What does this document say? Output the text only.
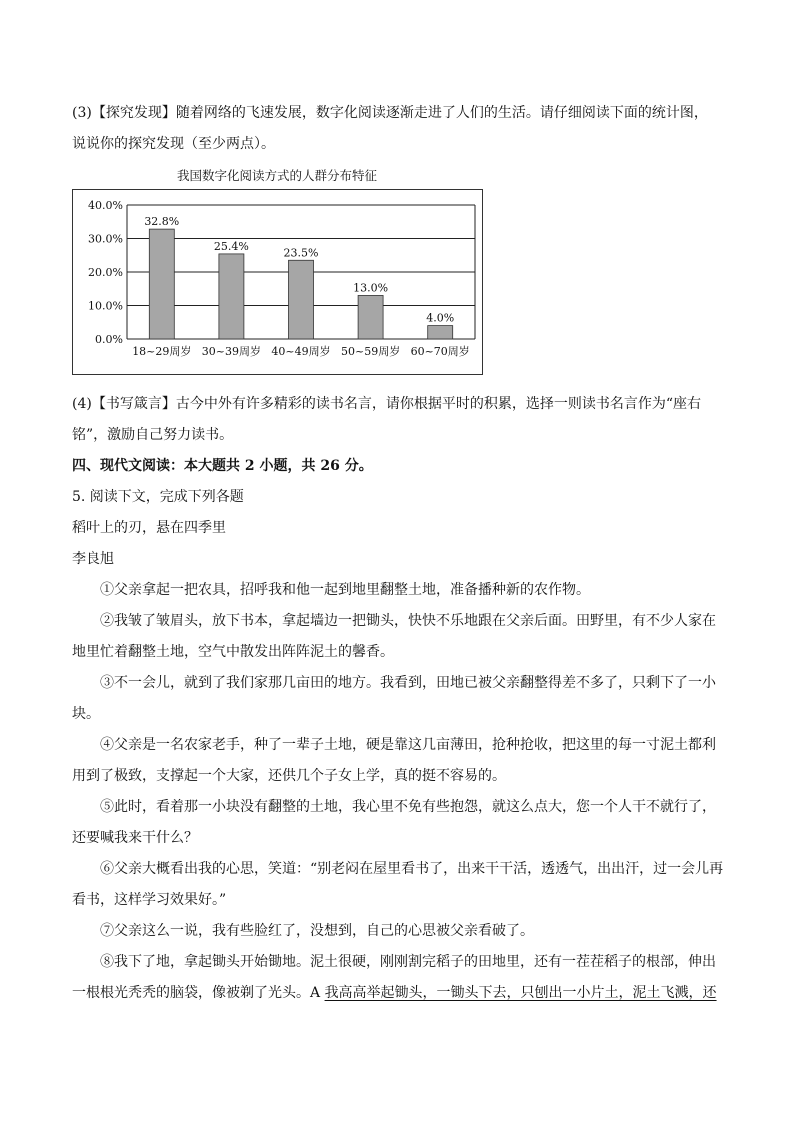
(3)【探究发现】随着网络的飞速发展，数字化阅读逐渐走进了人们的生活。请仔细阅读下面的统计图，

说说你的探究发现（至少两点）。

我国数字化阅读方式的人群分布特征
0.0%
10.0%
20.0%
30.0%
40.0%
32.8%
25.4%	23.5%
13.0%
4.0%
18~29周岁 30~39周岁 40~49周岁 50~59周岁 60~70周岁

(4)【书写箴言】古今中外有许多精彩的读书名言，请你根据平时的积累，选择一则读书名言作为“座右

铭”，激励自己努力读书。

四、现代文阅读：本大题共 2 小题，共 26 分。

5. 阅读下文，完成下列各题

稻叶上的刃，悬在四季里

李良旭

①父亲拿起一把农具，招呼我和他一起到地里翻整土地，准备播种新的农作物。

②我皱了皱眉头，放下书本，拿起墙边一把锄头，快快不乐地跟在父亲后面。田野里，有不少人家在地里忙着翻整土地，空气中散发出阵阵泥土的馨香。

③不一会儿，就到了我们家那几亩田的地方。我看到，田地已被父亲翻整得差不多了，只剩下了一小块。

④父亲是一名农家老手，种了一辈子土地，硬是靠这几亩薄田，抢种抢收，把这里的每一寸泥土都利用到了极致，支撑起一个大家，还供几个子女上学，真的挺不容易的。

⑤此时，看着那一小块没有翻整的土地，我心里不免有些抱怨，就这么点大，您一个人干不就行了，还要喊我来干什么？

⑥父亲大概看出我的心思，笑道：“别老闷在屋里看书了，出来干干活，透透气，出出汗，过一会儿再看书，这样学习效果好。”

⑦父亲这么一说，我有些脸红了，没想到，自己的心思被父亲看破了。

⑧我下了地，拿起锄头开始锄地。泥土很硬，刚刚割完稻子的田地里，还有一茬茬稻子的根部，伸出一根根光秃秃的脑袋，像被剃了光头。A 我高高举起锄头，一锄头下去，只刨出一小片土，泥土飞溅，还
